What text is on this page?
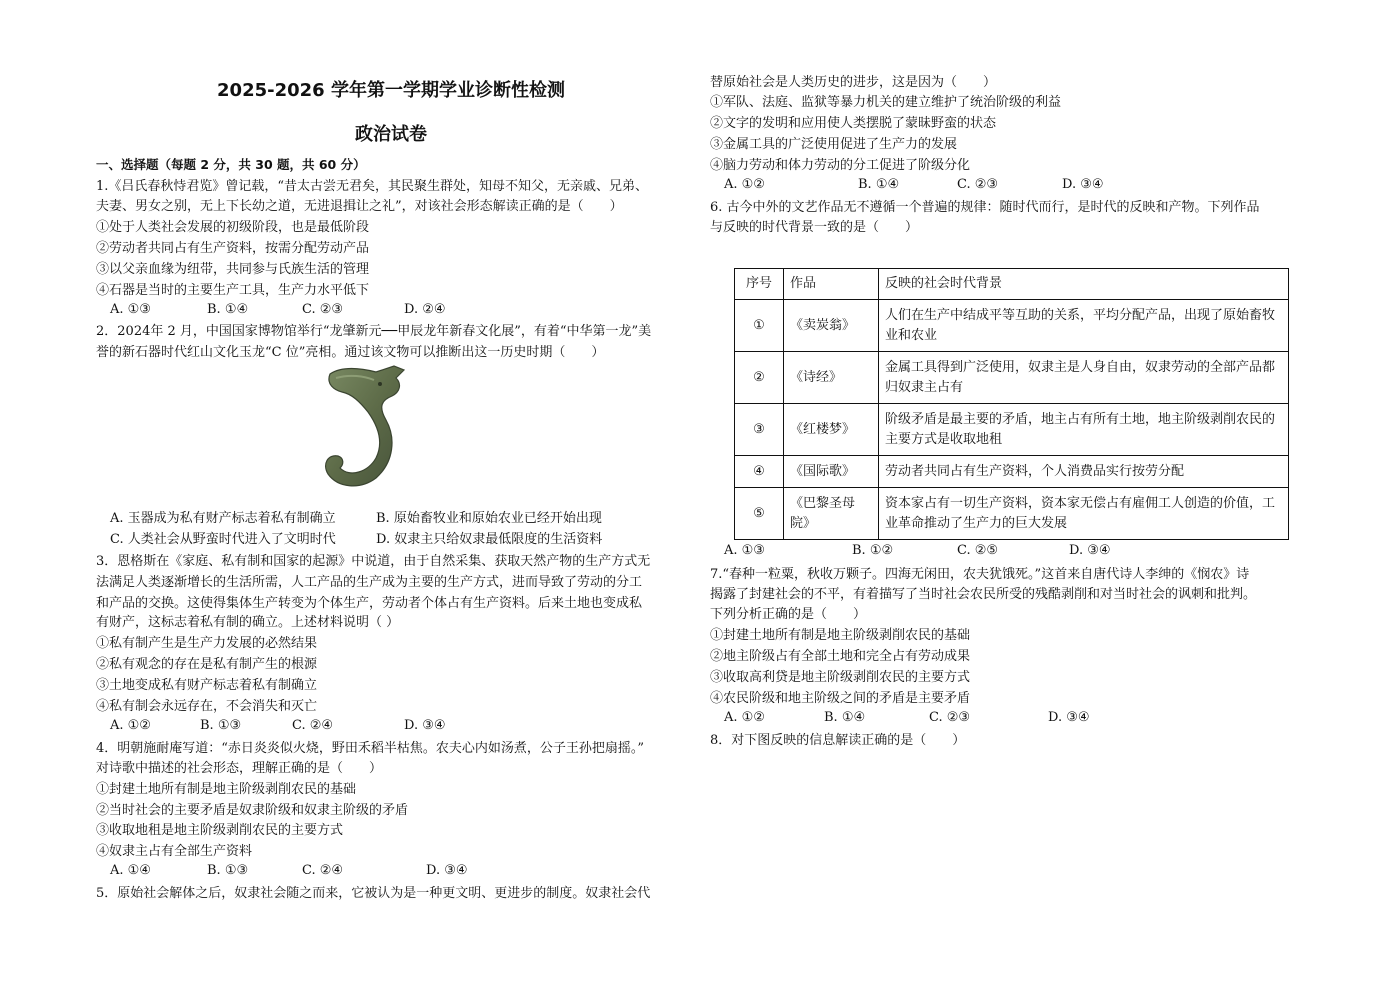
2025-2026 学年第一学期学业诊断性检测
政治试卷
一、选择题（每题 2 分，共 30 题，共 60 分）
1.《吕氏春秋恃君览》曾记载，“昔太古尝无君矣，其民聚生群处，知母不知父，无亲戚、兄弟、
夫妻、男女之别，无上下长幼之道，无进退揖让之礼”，对该社会形态解读正确的是（　　）
①处于人类社会发展的初级阶段，也是最低阶段
②劳动者共同占有生产资料，按需分配劳动产品
③以父亲血缘为纽带，共同参与氏族生活的管理
④石器是当时的主要生产工具，生产力水平低下
A. ①③	B. ①④	C. ②③	D. ②④
2．2024年 2 月，中国国家博物馆举行“龙肇新元──甲辰龙年新春文化展”，有着“中华第一龙”美
誉的新石器时代红山文化玉龙“C 位”亮相。通过该文物可以推断出这一历史时期（　　）
A. 玉器成为私有财产标志着私有制确立	B. 原始畜牧业和原始农业已经开始出现
C. 人类社会从野蛮时代进入了文明时代	D. 奴隶主只给奴隶最低限度的生活资料
3．恩格斯在《家庭、私有制和国家的起源》中说道，由于自然采集、获取天然产物的生产方式无
法满足人类逐渐增长的生活所需，人工产品的生产成为主要的生产方式，进而导致了劳动的分工
和产品的交换。这使得集体生产转变为个体生产，劳动者个体占有生产资料。后来土地也变成私
有财产，这标志着私有制的确立。上述材料说明（ ）
①私有制产生是生产力发展的必然结果
②私有观念的存在是私有制产生的根源
③土地变成私有财产标志着私有制确立
④私有制会永远存在，不会消失和灭亡
A. ①②	B. ①③	C. ②④	D. ③④
4．明朝施耐庵写道：“赤日炎炎似火烧，野田禾稻半枯焦。农夫心内如汤煮，公子王孙把扇摇。”
对诗歌中描述的社会形态，理解正确的是（　　）
①封建土地所有制是地主阶级剥削农民的基础
②当时社会的主要矛盾是奴隶阶级和奴隶主阶级的矛盾
③收取地租是地主阶级剥削农民的主要方式
④奴隶主占有全部生产资料
A. ①④	B. ①③	C. ②④	D. ③④
5．原始社会解体之后，奴隶社会随之而来，它被认为是一种更文明、更进步的制度。奴隶社会代
替原始社会是人类历史的进步，这是因为（　　）
①军队、法庭、监狱等暴力机关的建立维护了统治阶级的利益
②文字的发明和应用使人类摆脱了蒙昧野蛮的状态
③金属工具的广泛使用促进了生产力的发展
④脑力劳动和体力劳动的分工促进了阶级分化
A. ①②	B. ①④	C. ②③	D. ③④
6. 古今中外的文艺作品无不遵循一个普遍的规律：随时代而行，是时代的反映和产物。下列作品
与反映的时代背景一致的是（　　）
序号	作品	反映的社会时代背景
①	《卖炭翁》	人们在生产中结成平等互助的关系，平均分配产品，出现了原始畜牧业和农业
②	《诗经》	金属工具得到广泛使用，奴隶主是人身自由，奴隶劳动的全部产品都归奴隶主占有
③	《红楼梦》	阶级矛盾是最主要的矛盾，地主占有所有土地，地主阶级剥削农民的主要方式是收取地租
④	《国际歌》	劳动者共同占有生产资料，个人消费品实行按劳分配
⑤	《巴黎圣母院》	资本家占有一切生产资料，资本家无偿占有雇佣工人创造的价值，工业革命推动了生产力的巨大发展
A. ①③	B. ①②	C. ②⑤	D. ③④
7.“春种一粒粟，秋收万颗子。四海无闲田，农夫犹饿死。”这首来自唐代诗人李绅的《悯农》诗
揭露了封建社会的不平，有着描写了当时社会农民所受的残酷剥削和对当时社会的讽刺和批判。
下列分析正确的是（　　）
①封建土地所有制是地主阶级剥削农民的基础
②地主阶级占有全部土地和完全占有劳动成果
③收取高利贷是地主阶级剥削农民的主要方式
④农民阶级和地主阶级之间的矛盾是主要矛盾
A. ①②	B. ①④	C. ②③	D. ③④
8．对下图反映的信息解读正确的是（　　）
